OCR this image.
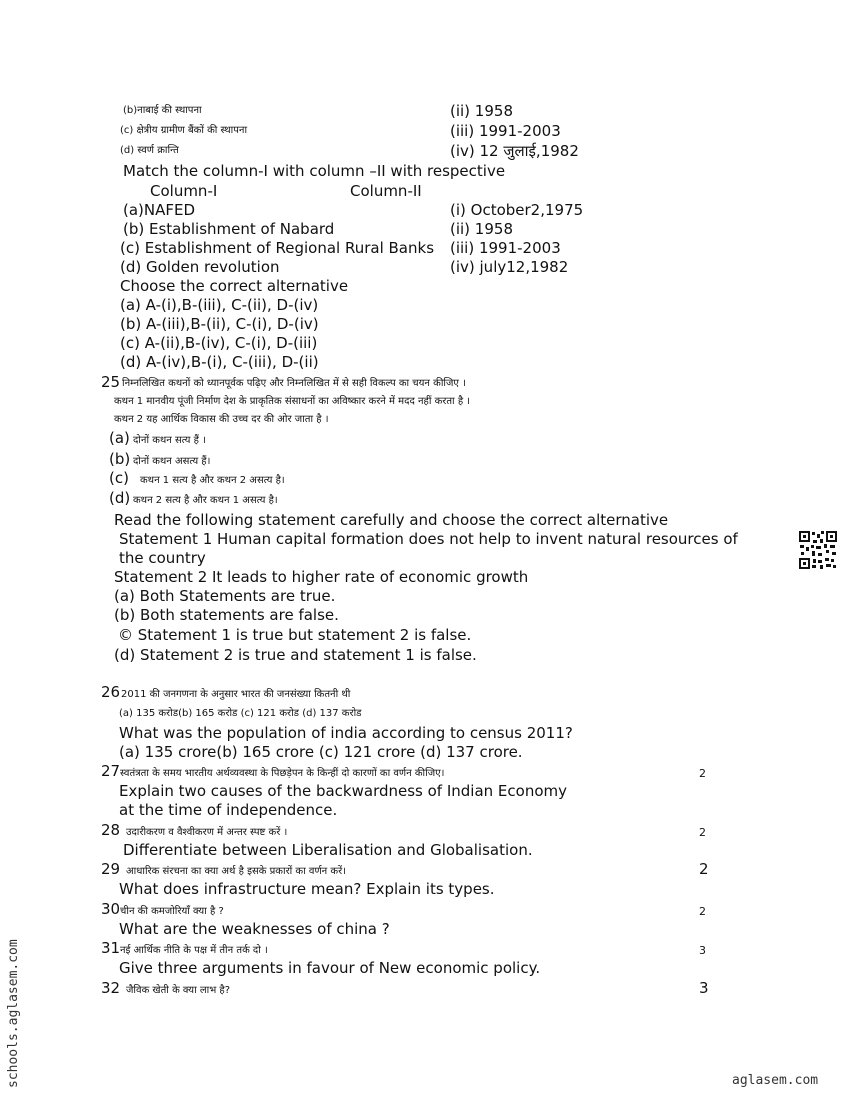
(b)नाबाई की स्थापना	(ii) 1958
(c) क्षेत्रीय ग्रामीण बैंकों की स्थापना	(iii) 1991-2003
(d) स्वर्ण क्रान्ति	(iv) 12 जुलाई,1982
Match the column-I with column –II with respective
Column-I	Column-II
(a)NAFED	(i) October2,1975
(b) Establishment of Nabard	(ii) 1958
(c) Establishment of Regional Rural Banks (iii) 1991-2003
(d) Golden revolution	(iv) july12,1982
Choose the correct alternative
(a) A-(i),B-(iii), C-(ii), D-(iv)
(b) A-(iii),B-(ii), C-(i), D-(iv)
(c) A-(ii),B-(iv), C-(i), D-(iii)
(d) A-(iv),B-(i), C-(iii), D-(ii)
25 निम्नलिखित कथनों को ध्यानपूर्वक पढ़िए और निम्नलिखित में से सही विकल्प का चयन कीजिए ।
कथन 1 मानवीय पूंजी निर्माण देश के प्राकृतिक संसाधनों का अविष्कार करने में मदद नहीं करता है ।
कथन 2 यह आर्थिक विकास की उच्च दर की ओर जाता है ।
(a) दोनों कथन सत्य हैं ।
(b) दोनों कथन असत्य हैं।
(c) कथन 1 सत्य है और कथन 2 असत्य है।
(d) कथन 2 सत्य है और कथन 1 असत्य है।
Read the following statement carefully and choose the correct alternative
Statement 1 Human capital formation does not help to invent natural resources of
the country
Statement 2 It leads to higher rate of economic growth
(a) Both Statements are true.
(b) Both statements are false.
© Statement 1 is true but statement 2 is false.
(d) Statement 2 is true and statement 1 is false.
26 2011 की जनगणना के अनुसार भारत की जनसंख्या कितनी थी
(a) 135 करोड(b) 165 करोड (c) 121 करोड (d) 137 करोड
What was the population of india according to census 2011?
(a) 135 crore(b) 165 crore (c) 121 crore (d) 137 crore.
27 स्वतंत्रता के समय भारतीय अर्थव्यवस्था के पिछड़ेपन के किन्हीं दो कारणों का वर्णन कीजिए।	2
Explain two causes of the backwardness of Indian Economy
at the time of independence.
28 उदारीकरण व वैश्वीकरण में अन्तर स्पष्ट करें ।	2
Differentiate between Liberalisation and Globalisation.
29 आधारिक संरचना का क्या अर्थ है इसके प्रकारों का वर्णन करें।	2
What does infrastructure mean? Explain its types.
30 चीन की कमजोरियाँ क्या है ?	2
What are the weaknesses of china ?
31 नई आर्थिक नीति के पक्ष में तीन तर्क दो ।	3
Give three arguments in favour of New economic policy.
32 जैविक खेती के क्या लाभ है?	3
schools.aglasem.com	aglasem.com
